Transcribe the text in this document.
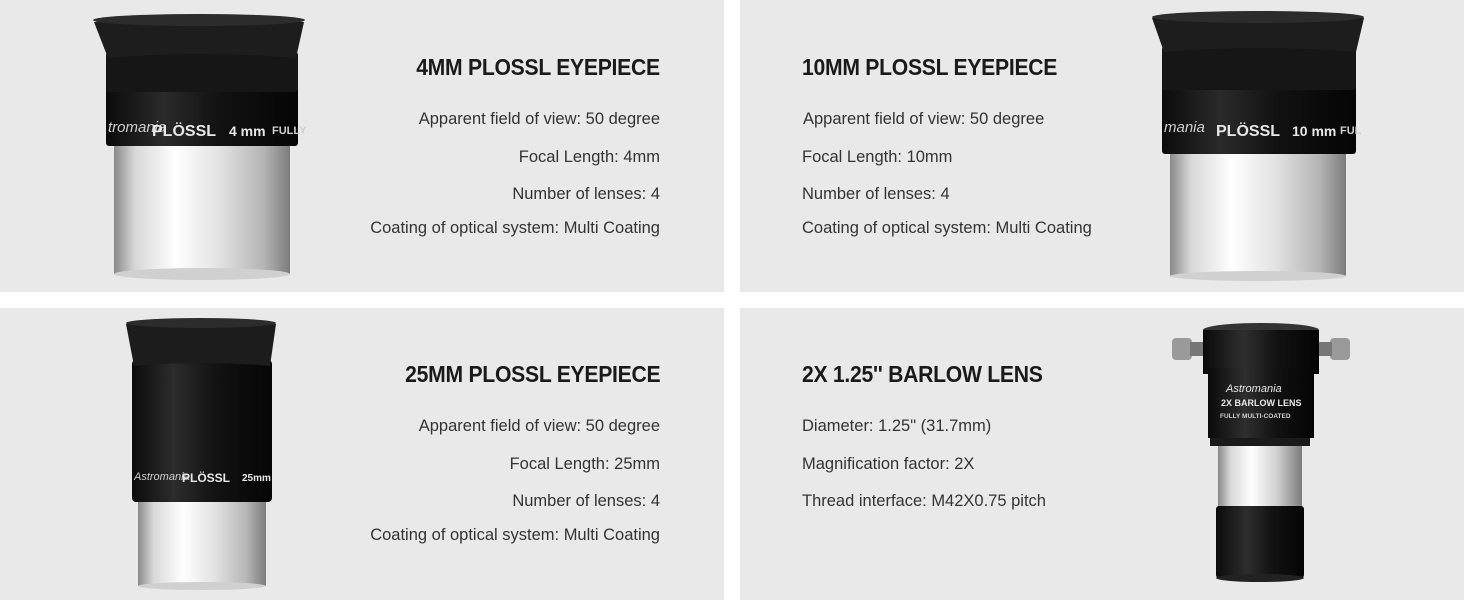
tromania
PLÖSSL 4 mm FULLY
4MM PLOSSL EYEPIECE
Apparent field of view: 50 degree
Focal Length: 4mm
Number of lenses: 4
Coating of optical system: Multi Coating
mania PLÖSSL 10 mm FUL
10MM PLOSSL EYEPIECE
Apparent field of view: 50 degree
Focal Length: 10mm
Number of lenses: 4
Coating of optical system: Multi Coating
Astromania
PLÖSSL 25mm
25MM PLOSSL EYEPIECE
Apparent field of view: 50 degree
Focal Length: 25mm
Number of lenses: 4
Coating of optical system: Multi Coating
Astromania
2X BARLOW LENS
FULLY MULTI-COATED
2X 1.25'' BARLOW LENS
Diameter: 1.25" (31.7mm)
Magnification factor: 2X
Thread interface: M42X0.75 pitch
